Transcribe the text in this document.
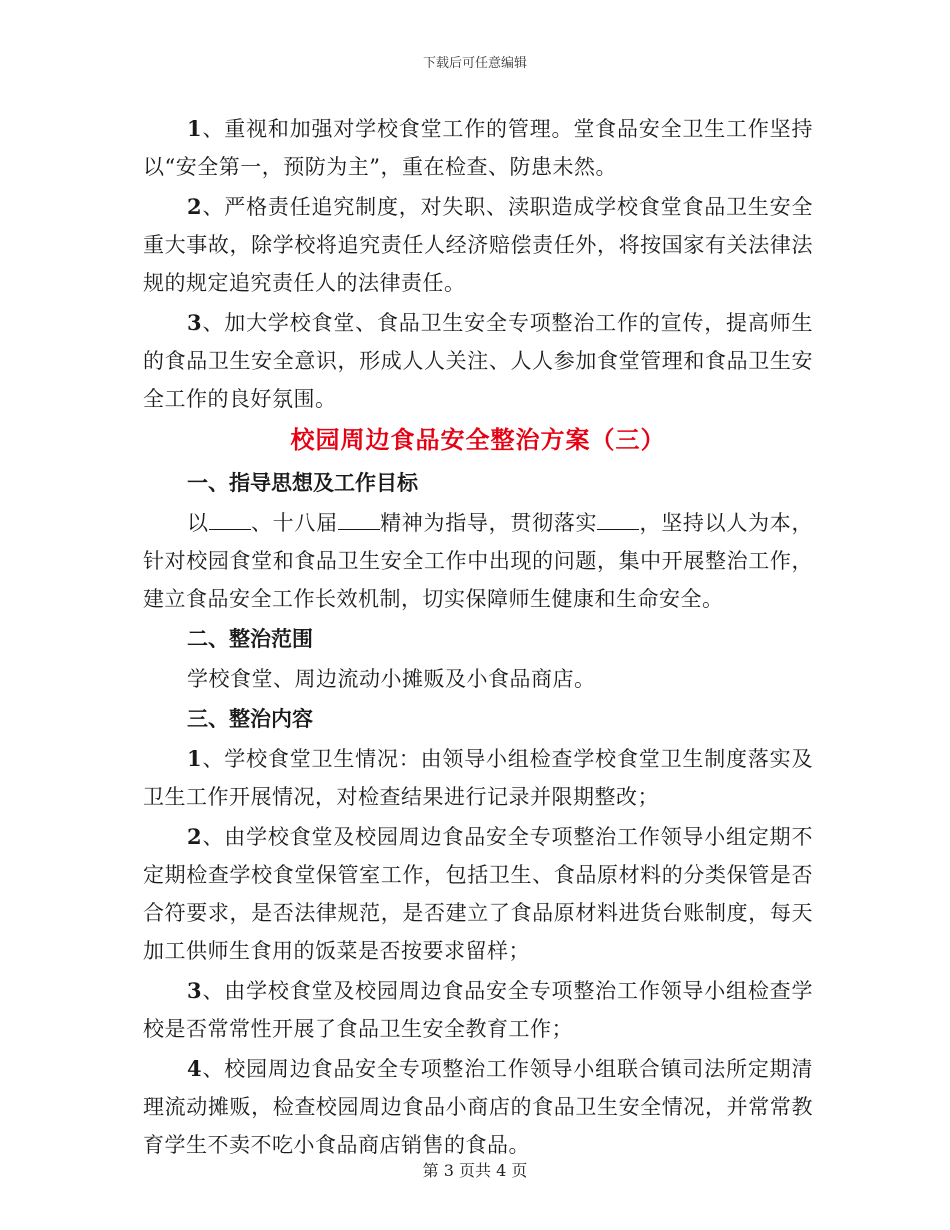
下载后可任意编辑

1、重视和加强对学校食堂工作的管理。堂食品安全卫生工作坚持以“安全第一，预防为主”，重在检查、防患未然。

2、严格责任追究制度，对失职、渎职造成学校食堂食品卫生安全重大事故，除学校将追究责任人经济赔偿责任外，将按国家有关法律法规的规定追究责任人的法律责任。

3、加大学校食堂、食品卫生安全专项整治工作的宣传，提高师生的食品卫生安全意识，形成人人关注、人人参加食堂管理和食品卫生安全工作的良好氛围。

校园周边食品安全整治方案（三）

一、指导思想及工作目标

以 、十八届 精神为指导，贯彻落实 ，坚持以人为本，针对校园食堂和食品卫生安全工作中出现的问题，集中开展整治工作，建立食品安全工作长效机制，切实保障师生健康和生命安全。

二、整治范围

学校食堂、周边流动小摊贩及小食品商店。

三、整治内容

1、学校食堂卫生情况：由领导小组检查学校食堂卫生制度落实及卫生工作开展情况，对检查结果进行记录并限期整改；

2、由学校食堂及校园周边食品安全专项整治工作领导小组定期不定期检查学校食堂保管室工作，包括卫生、食品原材料的分类保管是否合符要求，是否法律规范，是否建立了食品原材料进货台账制度，每天加工供师生食用的饭菜是否按要求留样；

3、由学校食堂及校园周边食品安全专项整治工作领导小组检查学校是否常常性开展了食品卫生安全教育工作；

4、校园周边食品安全专项整治工作领导小组联合镇司法所定期清理流动摊贩，检查校园周边食品小商店的食品卫生安全情况，并常常教育学生不卖不吃小食品商店销售的食品。

第 3 页共 4 页
